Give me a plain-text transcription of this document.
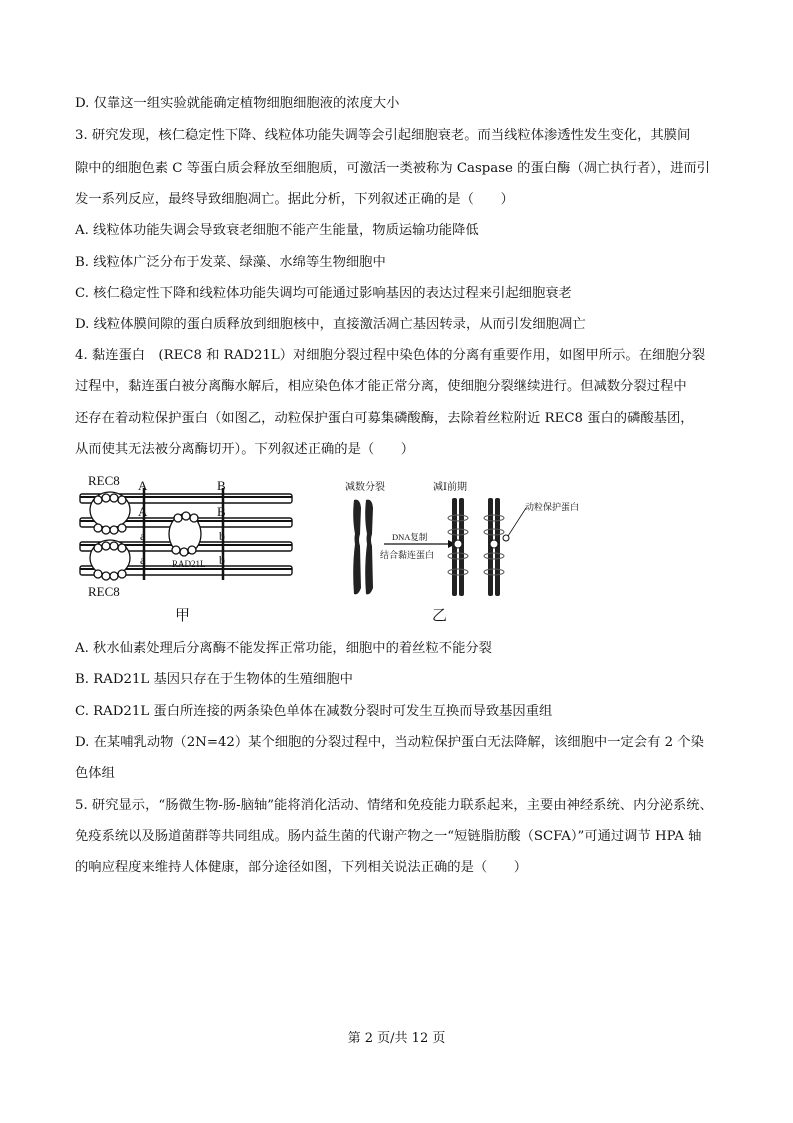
D. 仅靠这一组实验就能确定植物细胞细胞液的浓度大小
3. 研究发现，核仁稳定性下降、线粒体功能失调等会引起细胞衰老。而当线粒体渗透性发生变化，其膜间
隙中的细胞色素 C 等蛋白质会释放至细胞质，可激活一类被称为 Caspase 的蛋白酶（凋亡执行者），进而引
发一系列反应，最终导致细胞凋亡。据此分析，下列叙述正确的是（　　）
A. 线粒体功能失调会导致衰老细胞不能产生能量，物质运输功能降低
B. 线粒体广泛分布于发菜、绿藻、水绵等生物细胞中
C. 核仁稳定性下降和线粒体功能失调均可能通过影响基因的表达过程来引起细胞衰老
D. 线粒体膜间隙的蛋白质释放到细胞核中，直接激活凋亡基因转录，从而引发细胞凋亡
4. 黏连蛋白　(REC8 和 RAD21L）对细胞分裂过程中染色体的分离有重要作用，如图甲所示。在细胞分裂
过程中，黏连蛋白被分离酶水解后，相应染色体才能正常分离，使细胞分裂继续进行。但减数分裂过程中
还存在着动粒保护蛋白（如图乙，动粒保护蛋白可募集磷酸酶，去除着丝粒附近 REC8 蛋白的磷酸基团，
从而使其无法被分离酶切开）。下列叙述正确的是（　　）
REC8
REC8
RAD21L
A
A
a
a
B
B
b
b
甲
减数分裂	减Ⅰ前期
动粒保护蛋白
DNA复制
结合黏连蛋白
乙
A. 秋水仙素处理后分离酶不能发挥正常功能，细胞中的着丝粒不能分裂
B. RAD21L 基因只存在于生物体的生殖细胞中
C. RAD21L 蛋白所连接的两条染色单体在减数分裂时可发生互换而导致基因重组
D. 在某哺乳动物（2N=42）某个细胞的分裂过程中，当动粒保护蛋白无法降解，该细胞中一定会有 2 个染
色体组
5. 研究显示，“肠微生物-肠-脑轴”能将消化活动、情绪和免疫能力联系起来，主要由神经系统、内分泌系统、
免疫系统以及肠道菌群等共同组成。肠内益生菌的代谢产物之一“短链脂肪酸（SCFA）”可通过调节 HPA 轴
的响应程度来维持人体健康，部分途径如图，下列相关说法正确的是（　　）
第 2 页/共 12 页
